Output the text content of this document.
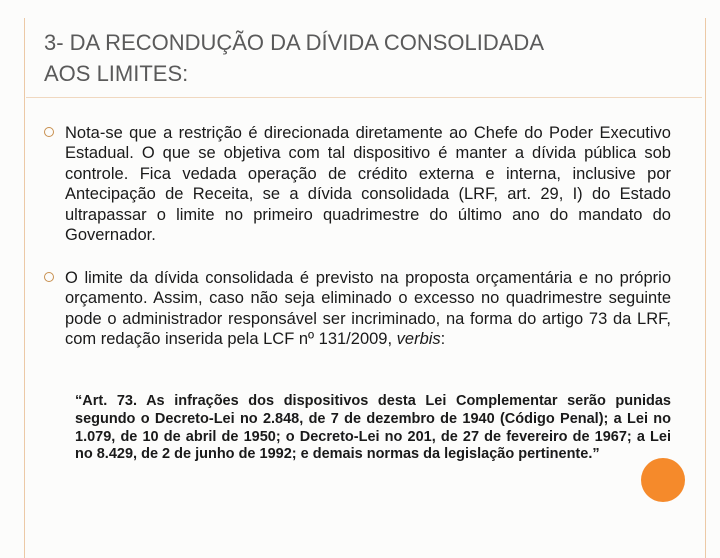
3- DA RECONDUÇÃO DA DÍVIDA CONSOLIDADA
AOS LIMITES:

Nota-se que a restrição é direcionada diretamente ao Chefe do Poder Executivo Estadual. O que se objetiva com tal dispositivo é manter a dívida pública sob controle. Fica vedada operação de crédito externa e interna, inclusive por Antecipação de Receita, se a dívida consolidada (LRF, art. 29, I) do Estado ultrapassar o limite no primeiro quadrimestre do último ano do mandato do Governador.

O limite da dívida consolidada é previsto na proposta orçamentária e no próprio orçamento. Assim, caso não seja eliminado o excesso no quadrimestre seguinte pode o administrador responsável ser incriminado, na forma do artigo 73 da LRF, com redação inserida pela LCF nº 131/2009, verbis:

“Art. 73. As infrações dos dispositivos desta Lei Complementar serão punidas segundo o Decreto-Lei no 2.848, de 7 de dezembro de 1940 (Código Penal); a Lei no 1.079, de 10 de abril de 1950; o Decreto-Lei no 201, de 27 de fevereiro de 1967; a Lei no 8.429, de 2 de junho de 1992; e demais normas da legislação pertinente.”
